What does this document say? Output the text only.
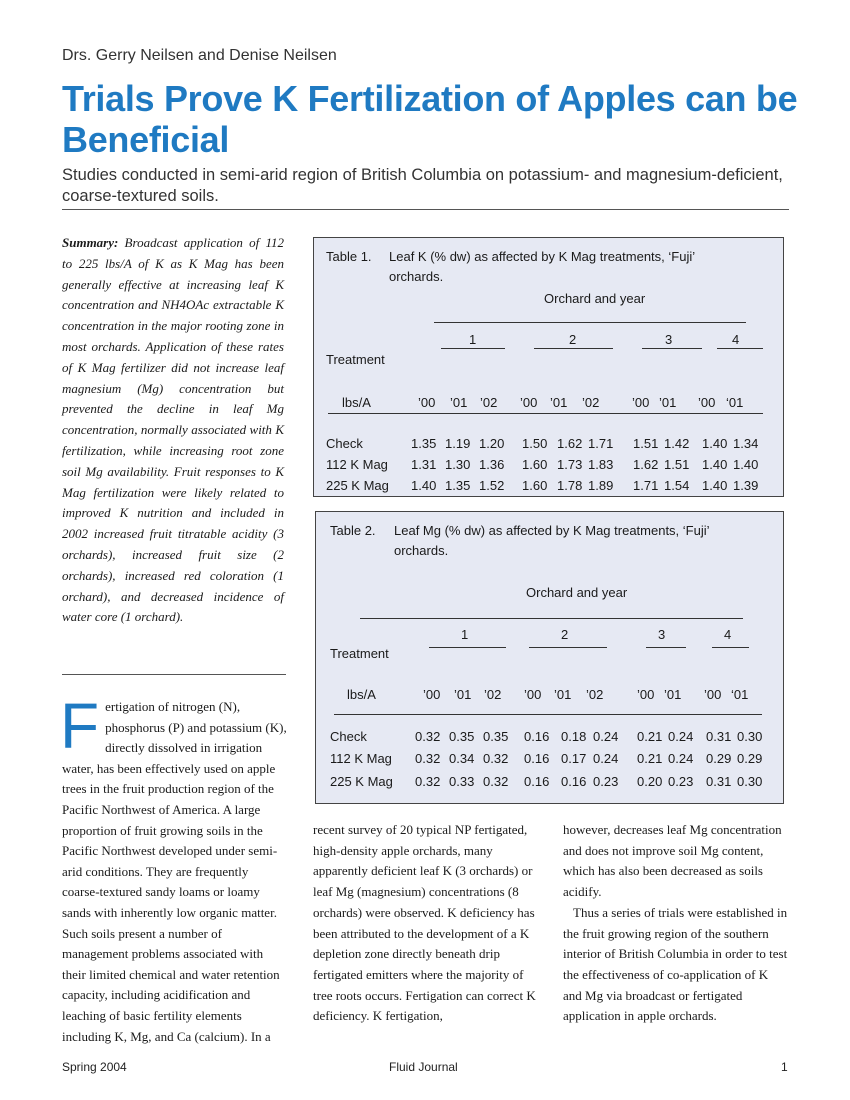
Drs. Gerry Neilsen and Denise Neilsen
Trials Prove K Fertilization of Apples can be Beneficial
Studies conducted in semi-arid region of British Columbia on potassium- and magnesium-deficient, coarse-textured soils.
Summary: Broadcast application of 112 to 225 lbs/A of K as K Mag has been generally effective at increasing leaf K concentration and NH4OAc extractable K concentration in the major rooting zone in most orchards. Application of these rates of K Mag fertilizer did not increase leaf magnesium (Mg) concentration but prevented the decline in leaf Mg concentration, normally associated with K fertilization, while increasing root zone soil Mg availability. Fruit responses to K Mag fertilization were likely related to improved K nutrition and included in 2002 increased fruit titratable acidity (3 orchards), increased fruit size (2 orchards), increased red coloration (1 orchard), and decreased incidence of water core (1 orchard).
Fertigation of nitrogen (N), phosphorus (P) and potassium (K), directly dissolved in irrigation water, has been effectively used on apple trees in the fruit production region of the Pacific Northwest of America. A large proportion of fruit growing soils in the Pacific Northwest developed under semi-arid conditions. They are frequently coarse-textured sandy loams or loamy sands with inherently low organic matter. Such soils present a number of management problems associated with their limited chemical and water retention capacity, including acidification and leaching of basic fertility elements including K, Mg, and Ca (calcium). In a
recent survey of 20 typical NP fertigated, high-density apple orchards, many apparently deficient leaf K (3 orchards) or leaf Mg (magnesium) concentrations (8 orchards) were observed. K deficiency has been attributed to the development of a K depletion zone directly beneath drip fertigated emitters where the majority of tree roots occurs. Fertigation can correct K deficiency. K fertigation,
however, decreases leaf Mg concentration and does not improve soil Mg content, which has also been decreased as soils acidify.
Thus a series of trials were established in the fruit growing region of the southern interior of British Columbia in order to test the effectiveness of co-application of K and Mg via broadcast or fertigated application in apple orchards.
Table 1. Leaf K (% dw) as affected by K Mag treatments, ‘Fuji’
orchards.
Orchard and year
1	2	3	4
Treatment
lbs/A	’00 ’01 ’02 ’00 ’01 ’02	’00 ’01 ’00 ‘01
Check	1.35 1.19 1.20 1.50 1.62 1.71 1.51 1.42 1.40 1.34
112 K Mag 1.31 1.30 1.36 1.60 1.73 1.83 1.62 1.51 1.40 1.40
225 K Mag 1.40 1.35 1.52 1.60 1.78 1.89 1.71 1.54 1.40 1.39
Table 2. Leaf Mg (% dw) as affected by K Mag treatments, ‘Fuji’
orchards.
Orchard and year
1	2	3	4
Treatment
lbs/A	’00 ’01 ’02 ’00 ’01 ’02	’00 ’01 ’00 ‘01
Check	0.32 0.35 0.35 0.16 0.18 0.24 0.21 0.24 0.31 0.30
112 K Mag 0.32 0.34 0.32 0.16 0.17 0.24 0.21 0.24 0.29 0.29
225 K Mag 0.32 0.33 0.32 0.16 0.16 0.23 0.20 0.23 0.31 0.30
Spring 2004	Fluid Journal	1
